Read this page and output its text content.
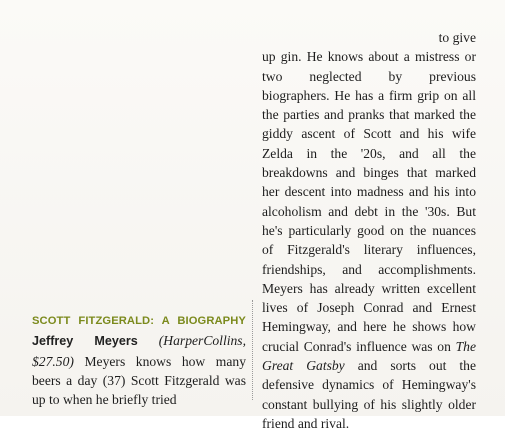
SCOTT FITZGERALD: A BIOGRAPHY Jeffrey Meyers (HarperCollins, $27.50) Meyers knows how many beers a day (37) Scott Fitzgerald was up to when he briefly tried
to give
up gin. He knows about a mistress or two neglected by previous biographers. He has a firm grip on all the parties and pranks that marked the giddy ascent of Scott and his wife Zelda in the '20s, and all the breakdowns and binges that marked her descent into madness and his into alcoholism and debt in the '30s. But he's particularly good on the nuances of Fitzgerald's literary influences, friendships, and accomplishments. Meyers has already written excellent lives of Joseph Conrad and Ernest Hemingway, and here he shows how crucial Conrad's influence was on The Great Gatsby and sorts out the defensive dynamics of Hemingway's constant bullying of his slightly older friend and rival.
